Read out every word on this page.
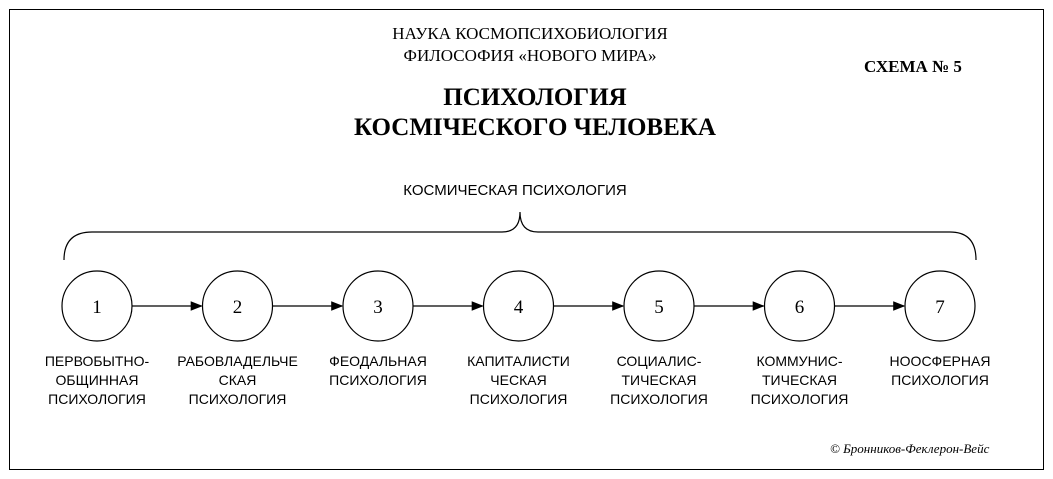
НАУКА КОСМОПСИХОБИОЛОГИЯ
ФИЛОСОФИЯ «НОВОГО МИРА»
СХЕМА № 5
ПСИХОЛОГИЯ
КОСМIЧЕСКОГО ЧЕЛОВЕКА
КОСМИЧЕСКАЯ ПСИХОЛОГИЯ
1	2	3	4	5	6	7
ПЕРВОБЫТНО-
ОБЩИННАЯ
ПСИХОЛОГИЯ
РАБОВЛАДЕЛЬЧЕ
СКАЯ
ПСИХОЛОГИЯ
ФЕОДАЛЬНАЯ
ПСИХОЛОГИЯ
КАПИТАЛИСТИ
ЧЕСКАЯ
ПСИХОЛОГИЯ
СОЦИАЛИС-
ТИЧЕСКАЯ
ПСИХОЛОГИЯ
КОММУНИС-
ТИЧЕСКАЯ
ПСИХОЛОГИЯ
НООСФЕРНАЯ
ПСИХОЛОГИЯ
© Бронников-Феклерон-Вейс
